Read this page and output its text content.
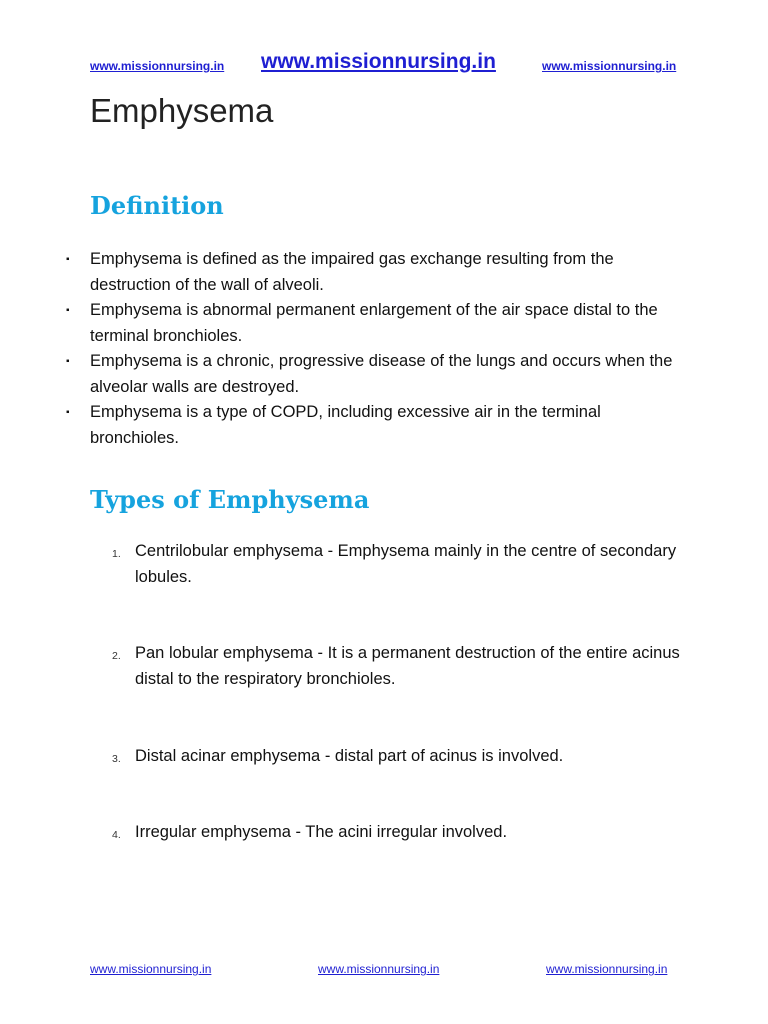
www.missionnursing.in www.missionnursing.in	www.missionnursing.in
Emphysema
Definition
▪ Emphysema is defined as the impaired gas exchange resulting from the destruction of the wall of alveoli.
▪ Emphysema is abnormal permanent enlargement of the air space distal to the terminal bronchioles.
▪ Emphysema is a chronic, progressive disease of the lungs and occurs when the alveolar walls are destroyed.
▪ Emphysema is a type of COPD, including excessive air in the terminal bronchioles.
Types of Emphysema
1. Centrilobular emphysema - Emphysema mainly in the centre of secondary lobules.
2. Pan lobular emphysema - It is a permanent destruction of the entire acinus distal to the respiratory bronchioles.
3. Distal acinar emphysema - distal part of acinus is involved.
4. Irregular emphysema - The acini irregular involved.
www.missionnursing.in	www.missionnursing.in	www.missionnursing.in
